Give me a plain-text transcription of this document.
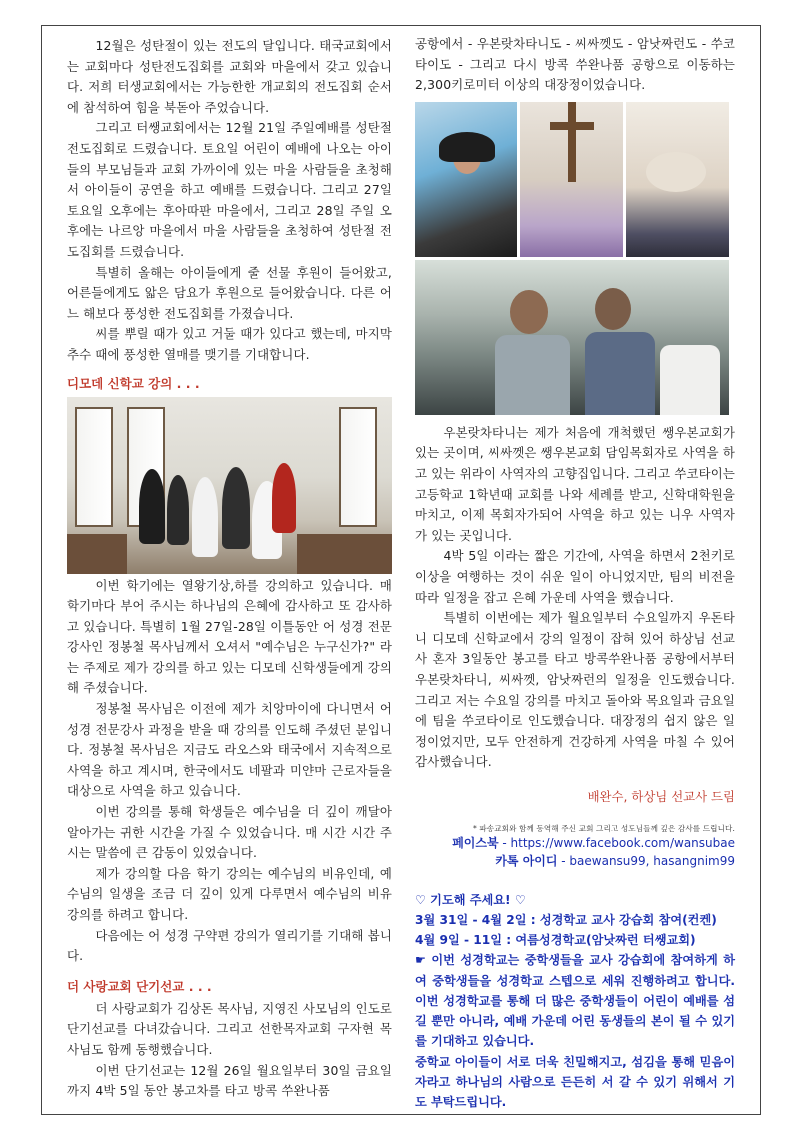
12월은 성탄절이 있는 전도의 달입니다. 태국교회에서는 교회마다 성탄전도집회를 교회와 마을에서 갖고 있습니다. 저희 터생교회에서는 가능한한 개교회의 전도집회 순서에 참석하여 힘을 북돋아 주었습니다.

그리고 터쌩교회에서는 12월 21일 주일예배를 성탄절 전도집회로 드렸습니다. 토요일 어린이 예배에 나오는 아이들의 부모님들과 교회 가까이에 있는 마을 사람들을 초청해서 아이들이 공연을 하고 예배를 드렸습니다. 그리고 27일 토요일 오후에는 후아따판 마을에서, 그리고 28일 주일 오후에는 나르앙 마을에서 마을 사람들을 초청하여 성탄절 전도집회를 드렸습니다.

특별히 올해는 아이들에게 줄 선물 후원이 들어왔고, 어른들에게도 앏은 담요가 후원으로 들어왔습니다. 다른 어느 해보다 풍성한 전도집회를 가졌습니다.

씨를 뿌릴 때가 있고 거둘 때가 있다고 했는데, 마지막 추수 때에 풍성한 열매를 맺기를 기대합니다.

디모데 신학교 강의 . . .

이번 학기에는 열왕기상,하를 강의하고 있습니다. 매 학기마다 부어 주시는 하나님의 은혜에 감사하고 또 감사하고 있습니다. 특별히 1월 27일-28일 이틀동안 어 성경 전문강사인 정봉철 목사님께서 오셔서 "예수님은 누구신가?" 라는 주제로 제가 강의를 하고 있는 디모데 신학생들에게 강의해 주셨습니다.

정봉철 목사님은 이전에 제가 치앙마이에 다니면서 어 성경 전문강사 과정을 받을 때 강의를 인도해 주셨던 분입니다. 정봉철 목사님은 지금도 라오스와 태국에서 지속적으로 사역을 하고 계시며, 한국에서도 네팔과 미얀마 근로자들을 대상으로 사역을 하고 있습니다.

이번 강의를 통해 학생들은 예수님을 더 깊이 깨달아 알아가는 귀한 시간을 가질 수 있었습니다. 매 시간 시간 주시는 말씀에 큰 감동이 있었습니다.

제가 강의할 다음 학기 강의는 예수님의 비유인데, 예수님의 일생을 조금 더 깊이 있게 다루면서 예수님의 비유 강의를 하려고 합니다.

다음에는 어 성경 구약편 강의가 열리기를 기대해 봅니다.

더 사랑교회 단기선교 . . .

더 사랑교회가 김상돈 목사님, 지영진 사모님의 인도로 단기선교를 다녀갔습니다. 그리고 선한목자교회 구자현 목사님도 함께 동행했습니다.

이번 단기선교는 12월 26일 월요일부터 30일 금요일까지 4박 5일 동안 봉고차를 타고 방콕 쑤완나품

공항에서 - 우본랏차타니도 - 씨싸껫도 - 암낫짜런도 - 쑤코타이도 - 그리고 다시 방콕 쑤완나품 공항으로 이동하는 2,300키로미터 이상의 대장정이었습니다.

우본랏차타니는 제가 처음에 개척했던 쌩우본교회가 있는 곳이며, 씨싸껫은 쌩우본교회 담임목회자로 사역을 하고 있는 위라이 사역자의 고향집입니다. 그리고 쑤코타이는 고등학교 1학년때 교회를 나와 세례를 받고, 신학대학원을 마치고, 이제 목회자가되어 사역을 하고 있는 니우 사역자가 있는 곳입니다.

4박 5일 이라는 짧은 기간에, 사역을 하면서 2천키로 이상을 여행하는 것이 쉬운 일이 아니었지만, 팀의 비전을 따라 일정을 잡고 은혜 가운데 사역을 했습니다.

특별히 이번에는 제가 월요일부터 수요일까지 우돈타니 디모데 신학교에서 강의 일정이 잡혀 있어 하상님 선교사 혼자 3일동안 봉고를 타고 방콕쑤완나품 공항에서부터 우본랏차타니, 씨싸껫, 암낫짜런의 일정을 인도했습니다. 그리고 저는 수요일 강의를 마치고 돌아와 목요일과 금요일에 팀을 쑤코타이로 인도했습니다. 대장정의 쉽지 않은 일정이었지만, 모두 안전하게 건강하게 사역을 마칠 수 있어 감사했습니다.

배완수, 하상님 선교사 드림
* 파송교회와 함께 동역해 주신 교회 그리고 성도님들께 깊은 감사를 드립니다.
페이스북 - https://www.facebook.com/wansubae
카톡 아이디 - baewansu99, hasangnim99
♡ 기도해 주세요! ♡
3월 31일 - 4월 2일 : 성경학교 교사 강습회 참여(컨켄)
4월 9일 - 11일 : 여름성경학교(암낫짜런 터쌩교회)
☛ 이번 성경학교는 중학생들을 교사 강습회에 참여하게 하여 중학생들을 성경학교 스텝으로 세워 진행하려고 합니다. 이번 성경학교를 통해 더 많은 중학생들이 어린이 예배를 섬길 뿐만 아니라, 예배 가운데 어린 동생들의 본이 될 수 있기를 기대하고 있습니다.
중학교 아이들이 서로 더욱 친밀해지고, 섬김을 통해 믿음이 자라고 하나님의 사람으로 든든히 서 갈 수 있기 위해서 기도 부탁드립니다.
